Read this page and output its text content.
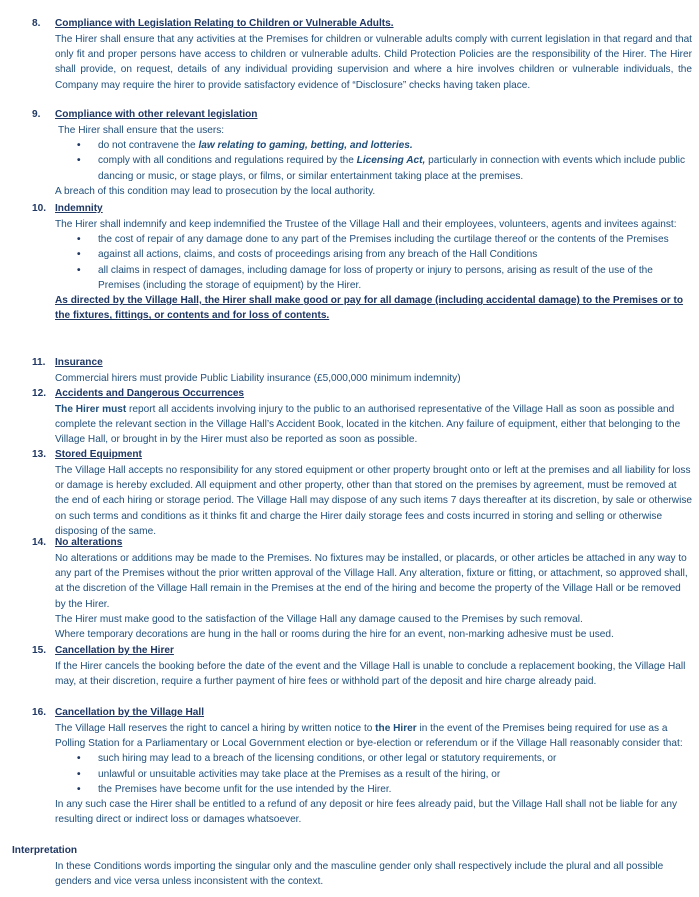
8.	Compliance with Legislation Relating to Children or Vulnerable Adults.
The Hirer shall ensure that any activities at the Premises for children or vulnerable adults comply with current legislation in that regard and that only fit and proper persons have access to children or vulnerable adults. Child Protection Policies are the responsibility of the Hirer. The Hirer shall provide, on request, details of any individual providing supervision and where a hire involves children or vulnerable individuals, the Company may require the hirer to provide satisfactory evidence of “Disclosure” checks having taken place.
9.	Compliance with other relevant legislation
The Hirer shall ensure that the users:
• do not contravene the law relating to gaming, betting, and lotteries.
• comply with all conditions and regulations required by the Licensing Act, particularly in connection with events which include public dancing or music, or stage plays, or films, or similar entertainment taking place at the premises.
A breach of this condition may lead to prosecution by the local authority.
10. Indemnity
The Hirer shall indemnify and keep indemnified the Trustee of the Village Hall and their employees, volunteers, agents and invitees against:
• the cost of repair of any damage done to any part of the Premises including the curtilage thereof or the contents of the Premises
• against all actions, claims, and costs of proceedings arising from any breach of the Hall Conditions
• all claims in respect of damages, including damage for loss of property or injury to persons, arising as result of the use of the Premises (including the storage of equipment) by the Hirer.
As directed by the Village Hall, the Hirer shall make good or pay for all damage (including accidental damage) to the Premises or to the fixtures, fittings, or contents and for loss of contents.
11. Insurance
Commercial hirers must provide Public Liability insurance (£5,000,000 minimum indemnity)
12. Accidents and Dangerous Occurrences
The Hirer must report all accidents involving injury to the public to an authorised representative of the Village Hall as soon as possible and complete the relevant section in the Village Hall’s Accident Book, located in the kitchen. Any failure of equipment, either that belonging to the Village Hall, or brought in by the Hirer must also be reported as soon as possible.
13. Stored Equipment
The Village Hall accepts no responsibility for any stored equipment or other property brought onto or left at the premises and all liability for loss or damage is hereby excluded. All equipment and other property, other than that stored on the premises by agreement, must be removed at the end of each hiring or storage period. The Village Hall may dispose of any such items 7 days thereafter at its discretion, by sale or otherwise on such terms and conditions as it thinks fit and charge the Hirer daily storage fees and costs incurred in storing and selling or otherwise disposing of the same.
14. No alterations
No alterations or additions may be made to the Premises. No fixtures may be installed, or placards, or other articles be attached in any way to any part of the Premises without the prior written approval of the Village Hall. Any alteration, fixture or fitting, or attachment, so approved shall, at the discretion of the Village Hall remain in the Premises at the end of the hiring and become the property of the Village Hall or be removed by the Hirer.
The Hirer must make good to the satisfaction of the Village Hall any damage caused to the Premises by such removal.
Where temporary decorations are hung in the hall or rooms during the hire for an event, non-marking adhesive must be used.
15. Cancellation by the Hirer
If the Hirer cancels the booking before the date of the event and the Village Hall is unable to conclude a replacement booking, the Village Hall may, at their discretion, require a further payment of hire fees or withhold part of the deposit and hire charge already paid.
16. Cancellation by the Village Hall
The Village Hall reserves the right to cancel a hiring by written notice to the Hirer in the event of the Premises being required for use as a Polling Station for a Parliamentary or Local Government election or bye-election or referendum or if the Village Hall reasonably consider that:
• such hiring may lead to a breach of the licensing conditions, or other legal or statutory requirements, or
• unlawful or unsuitable activities may take place at the Premises as a result of the hiring, or
• the Premises have become unfit for the use intended by the Hirer.
In any such case the Hirer shall be entitled to a refund of any deposit or hire fees already paid, but the Village Hall shall not be liable for any resulting direct or indirect loss or damages whatsoever.
Interpretation
In these Conditions words importing the singular only and the masculine gender only shall respectively include the plural and all possible genders and vice versa unless inconsistent with the context.
